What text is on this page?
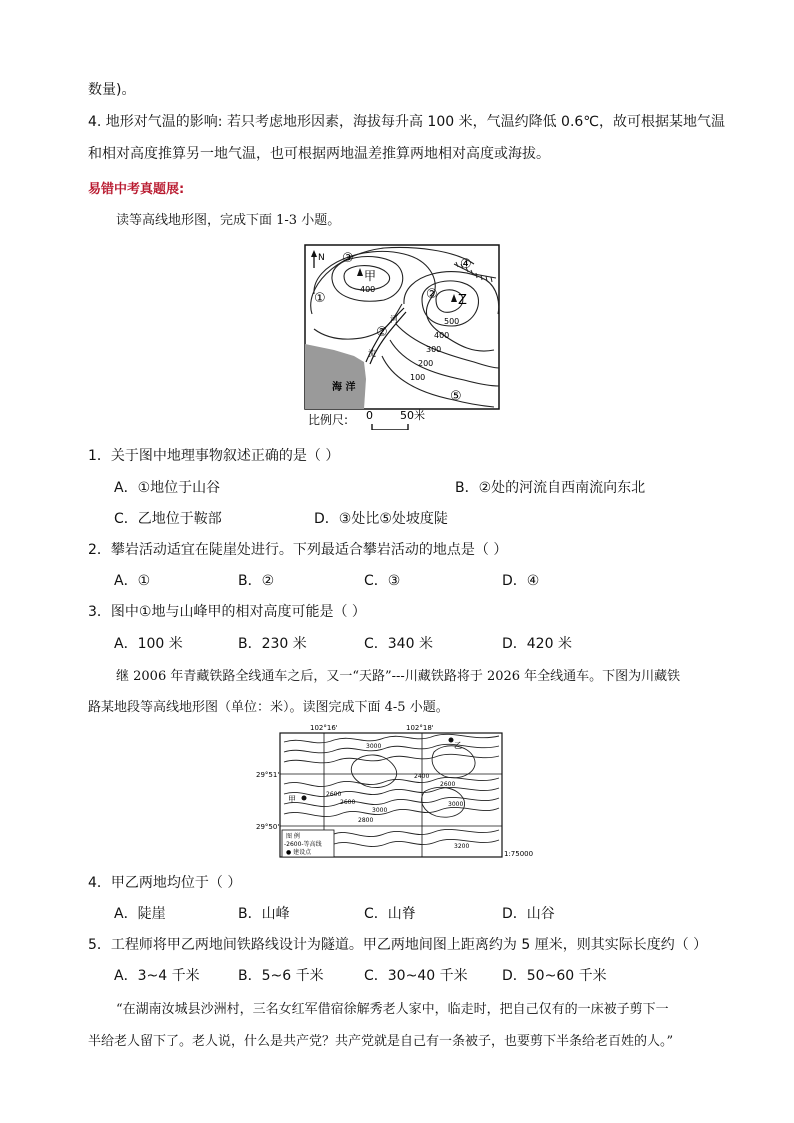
数量)。
4. 地形对气温的影响: 若只考虑地形因素，海拔每升高 100 米，气温约降低 0.6℃，故可根据某地气温
和相对高度推算另一地气温，也可根据两地温差推算两地相对高度或海拔。
易错中考真题展:
读等高线地形图，完成下面 1-3 小题。
N
甲
Z
①
②
③	④
⑤
②
400
500
400
300
200
100
河
流
海 洋
比例尺: 0 50米
1．关于图中地理事物叙述正确的是（ ）
A．①地位于山谷	B．②处的河流自西南流向东北
C．乙地位于鞍部	D．③处比⑤处坡度陡
2．攀岩活动适宜在陡崖处进行。下列最适合攀岩活动的地点是（ ）
A．①	B．②	C．③	D．④
3．图中①地与山峰甲的相对高度可能是（ ）
A．100 米	B．230 米	C．340 米	D．420 米
继 2006 年青藏铁路全线通车之后，又一“天路”---川藏铁路将于 2026 年全线通车。下图为川藏铁
路某地段等高线地形图（单位：米）。读图完成下面 4-5 小题。
102°16'	102°18'
29°51'
29°50'
甲
乙
3000
2400
2600
2600
3000
3000
2600
2800
3200
图 例
-2600-等高线
● 建设点	1:75000
4．甲乙两地均位于（ ）
A．陡崖	B．山峰	C．山脊	D．山谷
5．工程师将甲乙两地间铁路线设计为隧道。甲乙两地间图上距离约为 5 厘米，则其实际长度约（ ）
A．3~4 千米	B．5~6 千米	C．30~40 千米 D．50~60 千米
“在湖南汝城县沙洲村，三名女红军借宿徐解秀老人家中，临走时，把自己仅有的一床被子剪下一
半给老人留下了。老人说，什么是共产党？共产党就是自己有一条被子，也要剪下半条给老百姓的人。”
